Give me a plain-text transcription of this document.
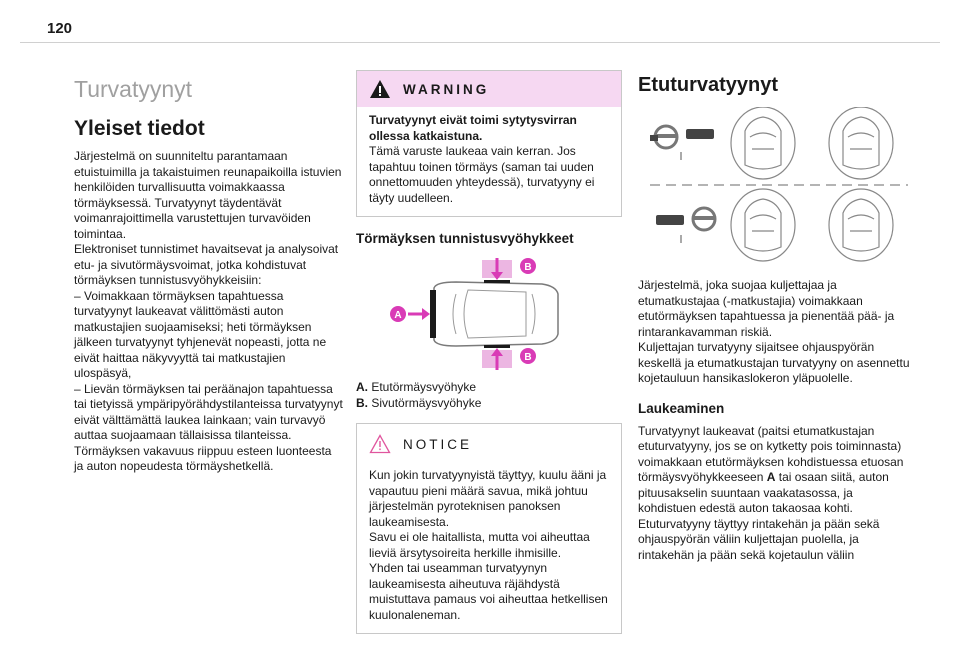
120
Turvatyynyt
Yleiset tiedot

Järjestelmä on suunniteltu parantamaan etuistuimilla ja takaistuimen reunapaikoilla istuvien henkilöiden turvallisuutta voimakkaassa törmäyksessä. Turvatyynyt täydentävät voimanrajoittimella varustettujen turvavöiden toimintaa.

Elektroniset tunnistimet havaitsevat ja analysoivat etu- ja sivutörmäysvoimat, jotka kohdistuvat törmäyksen tunnistusvyöhykkeisiin:

– Voimakkaan törmäyksen tapahtuessa turvatyynyt laukeavat välittömästi auton matkustajien suojaamiseksi; heti törmäyksen jälkeen turvatyynyt tyhjenevät nopeasti, jotta ne eivät haittaa näkyvyyttä tai matkustajien ulospäsyä,

– Lievän törmäyksen tai peräänajon tapahtuessa tai tietyissä ympäripyörähdystilanteissa turvatyynyt eivät välttämättä laukea lainkaan; vain turvavyö auttaa suojaamaan tällaisissa tilanteissa.

Törmäyksen vakavuus riippuu esteen luonteesta ja auton nopeudesta törmäyshetkellä.

WARNING

Turvatyynyt eivät toimi sytytysvirran ollessa katkaistuna.

Tämä varuste laukeaa vain kerran. Jos tapahtuu toinen törmäys (saman tai uuden onnettomuuden yhteydessä), turvatyyny ei täyty uudelleen.

Törmäyksen tunnistusvyöhykkeet
A
B
B
A. Etutörmäysvyöhyke
B. Sivutörmäysvyöhyke
NOTICE

Kun jokin turvatyynyistä täyttyy, kuulu ääni ja vapautuu pieni määrä savua, mikä johtuu järjestelmän pyroteknisen panoksen laukeamisesta.

Savu ei ole haitallista, mutta voi aiheuttaa lieviä ärsytysoireita herkille ihmisille.

Yhden tai useamman turvatyynyn laukeamisesta aiheutuva räjähdystä muistuttava pamaus voi aiheuttaa hetkellisen kuulonaleneman.

Etuturvatyynyt

Järjestelmä, joka suojaa kuljettajaa ja etumatkustajaa (-matkustajia) voimakkaan etutörmäyksen tapahtuessa ja pienentää pää- ja rintarankavamman riskiä.

Kuljettajan turvatyyny sijaitsee ohjauspyörän keskellä ja etumatkustajan turvatyyny on asennettu kojetauluun hansikaslokeron yläpuolelle.

Laukeaminen

Turvatyynyt laukeavat (paitsi etumatkustajan etuturvatyyny, jos se on kytketty pois toiminnasta) voimakkaan etutörmäyksen kohdistuessa etuosan törmäysvyöhykkeeseen A tai osaan siitä, auton pituusakselin suuntaan vaakatasossa, ja kohdistuen edestä auton takaosaa kohti.

Etuturvatyyny täyttyy rintakehän ja pään sekä ohjauspyörän väliin kuljettajan puolella, ja rintakehän ja pään sekä kojetaulun väliin
